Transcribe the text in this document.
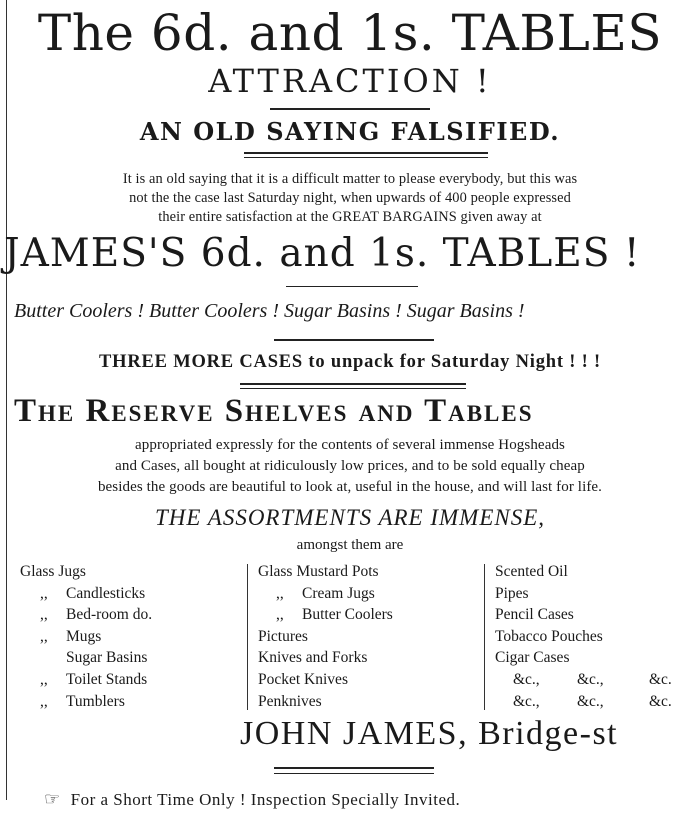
The 6d. and 1s. TABLES
ATTRACTION !
AN OLD SAYING FALSIFIED.
It is an old saying that it is a difficult matter to please everybody, but this was
not the the case last Saturday night, when upwards of 400 people expressed
their entire satisfaction at the GREAT BARGAINS given away at
JAMES'S 6d. and 1s. TABLES !
Butter Coolers ! Butter Coolers ! Sugar Basins ! Sugar Basins !
THREE MORE CASES to unpack for Saturday Night ! ! !
The Reserve Shelves and Tables
appropriated expressly for the contents of several immense Hogsheads
and Cases, all bought at ridiculously low prices, and to be sold equally cheap
besides the goods are beautiful to look at, useful in the house, and will last for life.
THE ASSORTMENTS ARE IMMENSE,
amongst them are
Glass Jugs
,, Candlesticks
,, Bed-room do.
,, Mugs
Sugar Basins
,, Toilet Stands
,, Tumblers
Glass Mustard Pots
,, Cream Jugs
,, Butter Coolers
Pictures
Knives and Forks
Pocket Knives
Penknives
Scented Oil
Pipes
Pencil Cases
Tobacco Pouches
Cigar Cases
&c.,	&c.,	&c.
&c.,	&c.,	&c.
JOHN JAMES, Bridge-st
☞ For a Short Time Only ! Inspection Specially Invited.
